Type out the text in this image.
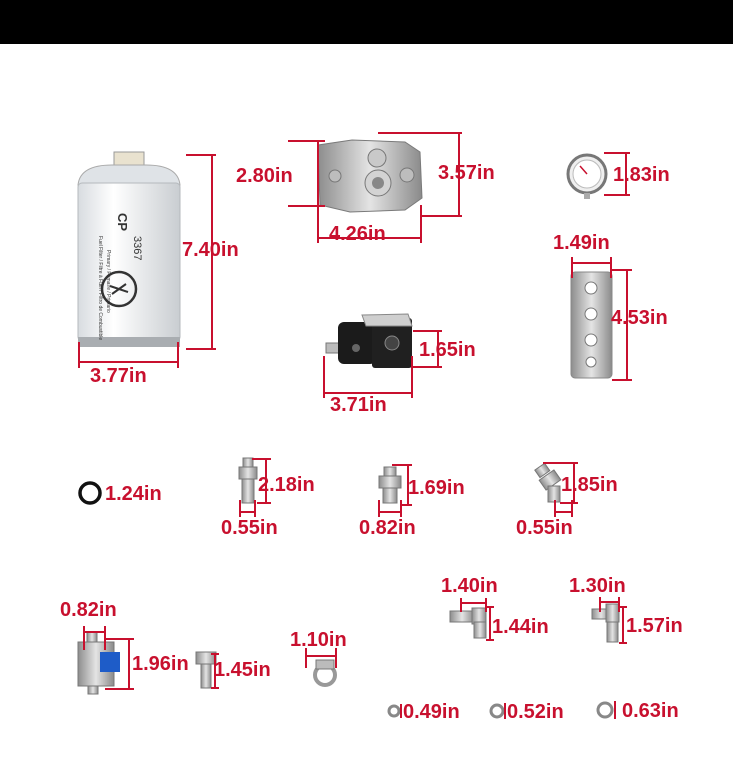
CP
3367
Fuel Filter / Filtre à Fuel / Filtro de Combustible Primary / Primaire / Primario	7.40in
3.77in
2.80in	3.57in
4.26in
1.83in
1.49in
4.53in
1.65in
3.71in
1.24in	2.18in
0.55in
1.69in
0.82in
1.85in
0.55in
1.40in
1.44in
1.30in
1.57in
0.82in
1.96in 1.45in
1.10in
0.49in 0.52in	0.63in
